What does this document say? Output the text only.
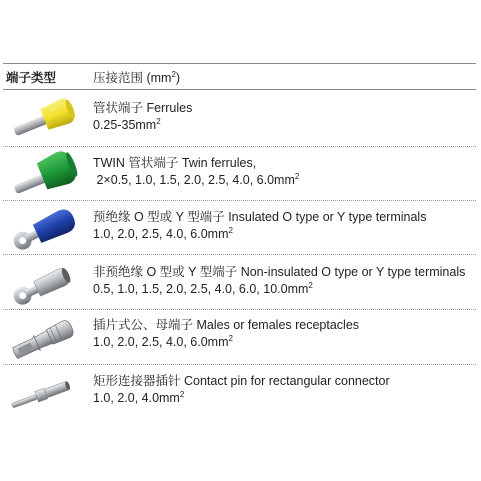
端子类型	压接范围 $(mm^2)$
管状端子 Ferrules
$0.25-35mm^2$
TWIN 管状端子 Twin ferrules,
2×0.5, 1.0, 1.5, 2.0, 2.5, 4.0, $6.0mm^2$
预绝缘 O 型或 Y 型端子 Insulated O type or Y type terminals
1.0, 2.0, 2.5, 4.0, $6.0mm^2$
非预绝缘 O 型或 Y 型端子 Non-insulated O type or Y type terminals
0.5, 1.0, 1.5, 2.0, 2.5, 4.0, 6.0, $10.0mm^2$
插片式公、母端子 Males or females receptacles
1.0, 2.0, 2.5, 4.0, $6.0mm^2$
矩形连接器插针 Contact pin for rectangular connector
1.0, 2.0, $4.0mm^2$
